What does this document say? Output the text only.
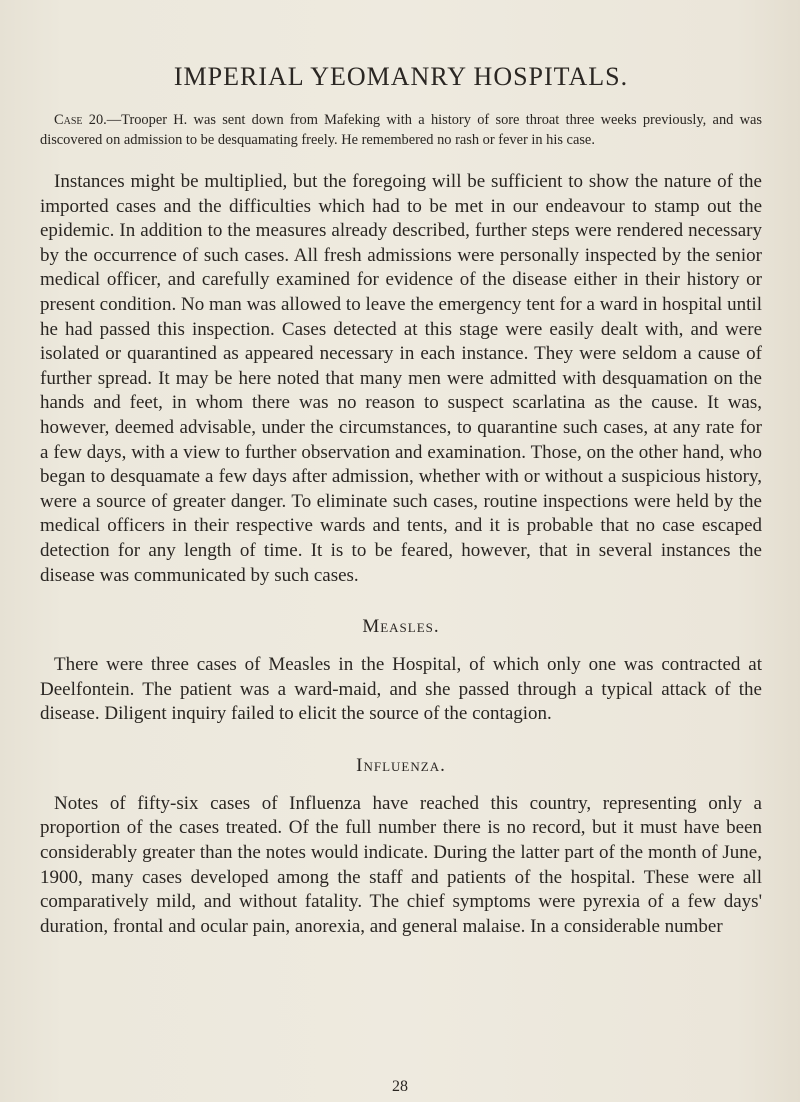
IMPERIAL YEOMANRY HOSPITALS.

Case 20.—Trooper H. was sent down from Mafeking with a history of sore throat three weeks previously, and was discovered on admission to be desquamating freely. He remembered no rash or fever in his case.

Instances might be multiplied, but the foregoing will be sufficient to show the nature of the imported cases and the difficulties which had to be met in our endeavour to stamp out the epidemic. In addition to the measures already described, further steps were rendered necessary by the occurrence of such cases. All fresh admissions were personally inspected by the senior medical officer, and carefully examined for evidence of the disease either in their history or present condition. No man was allowed to leave the emergency tent for a ward in hospital until he had passed this inspection. Cases detected at this stage were easily dealt with, and were isolated or quarantined as appeared necessary in each instance. They were seldom a cause of further spread. It may be here noted that many men were admitted with desquamation on the hands and feet, in whom there was no reason to suspect scarlatina as the cause. It was, however, deemed advisable, under the circumstances, to quarantine such cases, at any rate for a few days, with a view to further observation and examination. Those, on the other hand, who began to desquamate a few days after admission, whether with or without a suspicious history, were a source of greater danger. To eliminate such cases, routine inspections were held by the medical officers in their respective wards and tents, and it is probable that no case escaped detection for any length of time. It is to be feared, however, that in several instances the disease was communicated by such cases.

Measles.

There were three cases of Measles in the Hospital, of which only one was contracted at Deelfontein. The patient was a ward-maid, and she passed through a typical attack of the disease. Diligent inquiry failed to elicit the source of the contagion.

Influenza.

Notes of fifty-six cases of Influenza have reached this country, representing only a proportion of the cases treated. Of the full number there is no record, but it must have been considerably greater than the notes would indicate. During the latter part of the month of June, 1900, many cases developed among the staff and patients of the hospital. These were all comparatively mild, and without fatality. The chief symptoms were pyrexia of a few days' duration, frontal and ocular pain, anorexia, and general malaise. In a considerable number

28
